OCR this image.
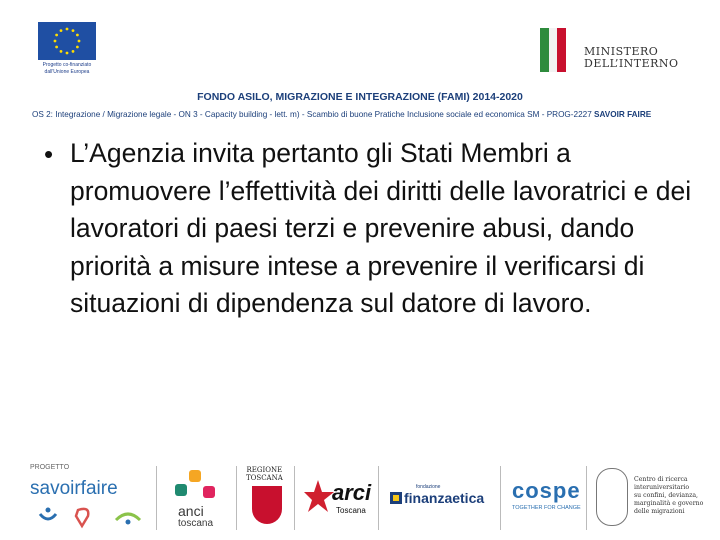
Progetto co-finanziato
dall'Unione Europea
MINISTERO
DELL’INTERNO
FONDO ASILO, MIGRAZIONE E INTEGRAZIONE (FAMI) 2014-2020
OS 2: Integrazione / Migrazione legale - ON 3 - Capacity building - lett. m) - Scambio di buone Pratiche Inclusione sociale ed economica SM - PROG-2227 SAVOIR FAIRE
• L’Agenzia invita pertanto gli Stati Membri a promuovere l’effettività dei diritti delle lavoratrici e dei lavoratori di paesi terzi e prevenire abusi, dando priorità a misure intese a prevenire il verificarsi di situazioni di dipendenza sul datore di lavoro.
PROGETTO
savoirfaire
anci
toscana
REGIONE
TOSCANA
arci
Toscana
fondazione
finanzaetica cospe
TOGETHER FOR CHANGE
Centro di ricerca
interuniversitario
su confini, devianza,
marginalità e governo
delle migrazioni
